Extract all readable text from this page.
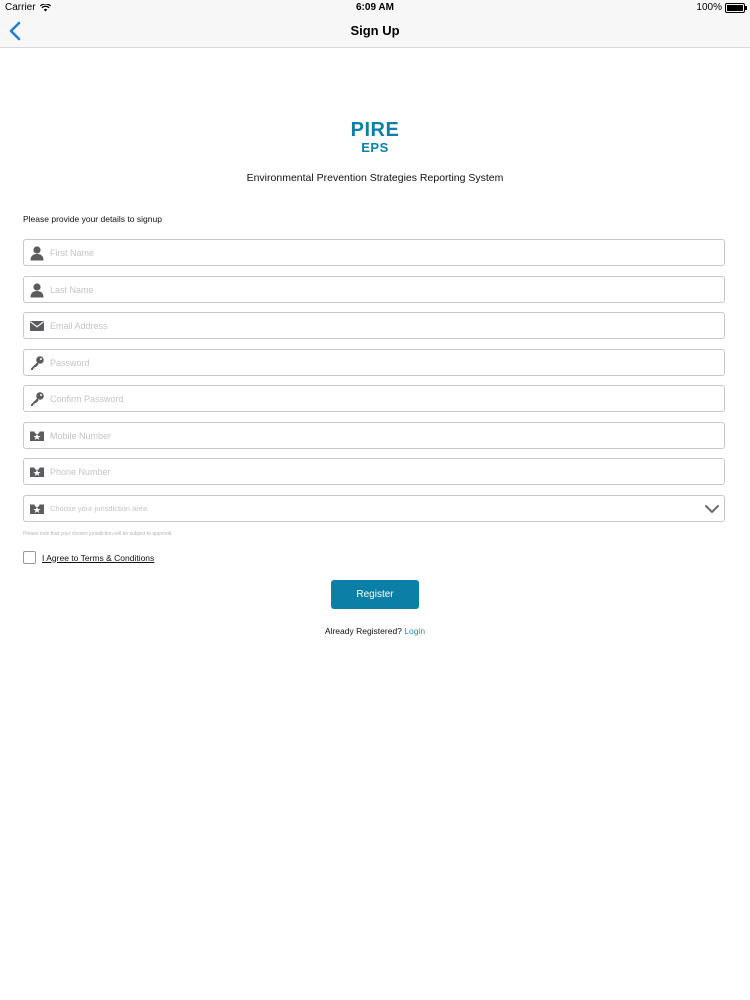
Carrier	6:09 AM	100%
Sign Up
PIRE
EPS
Environmental Prevention Strategies Reporting System
Please provide your details to signup
First Name
Last Name
Email Address
Mobile Number
Phone Number
Choose your jurisdiction area
Please note that your chosen jurisdiction will be subject to approval
I Agree to Terms & Conditions
Register
Already Registered? Login
